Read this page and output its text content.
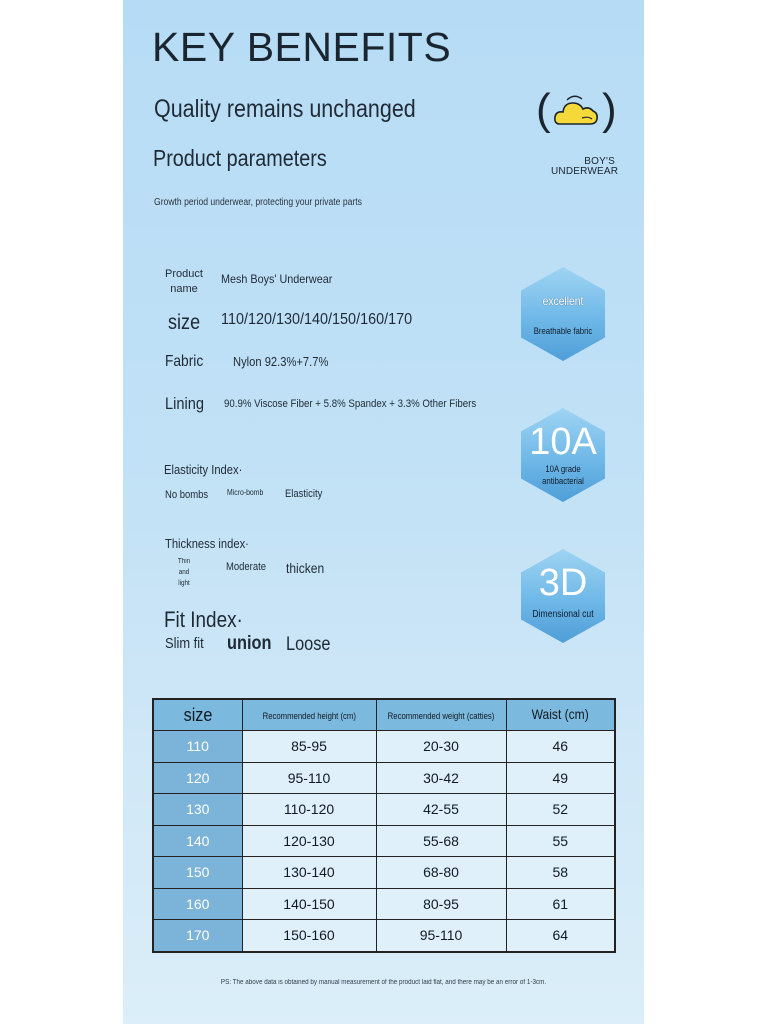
KEY BENEFITS
Quality remains unchanged
Product parameters
Growth period underwear, protecting your private parts
( )
BOY'S
UNDERWEAR
Product name
Mesh Boys' Underwear
size 110/120/130/140/150/160/170
Fabric Nylon 92.3%+7.7%
Lining 90.9% Viscose Fiber + 5.8% Spandex + 3.3% Other Fibers
Elasticity Index·
No bombs Micro-bomb Elasticity
Thickness index·
Thin and light
Moderate thicken
Fit Index·
Slim fit union Loose
excellent
Breathable fabric
10A
10A grade antibacterial
3D
Dimensional cut
size	Recommended height (cm)	Recommended weight (catties)	Waist (cm)
110	85-95	20-30	46
120	95-110	30-42	49
130	110-120	42-55	52
140	120-130	55-68	55
150	130-140	68-80	58
160	140-150	80-95	61
170	150-160	95-110	64
PS: The above data is obtained by manual measurement of the product laid flat, and there may be an error of 1-3cm.
